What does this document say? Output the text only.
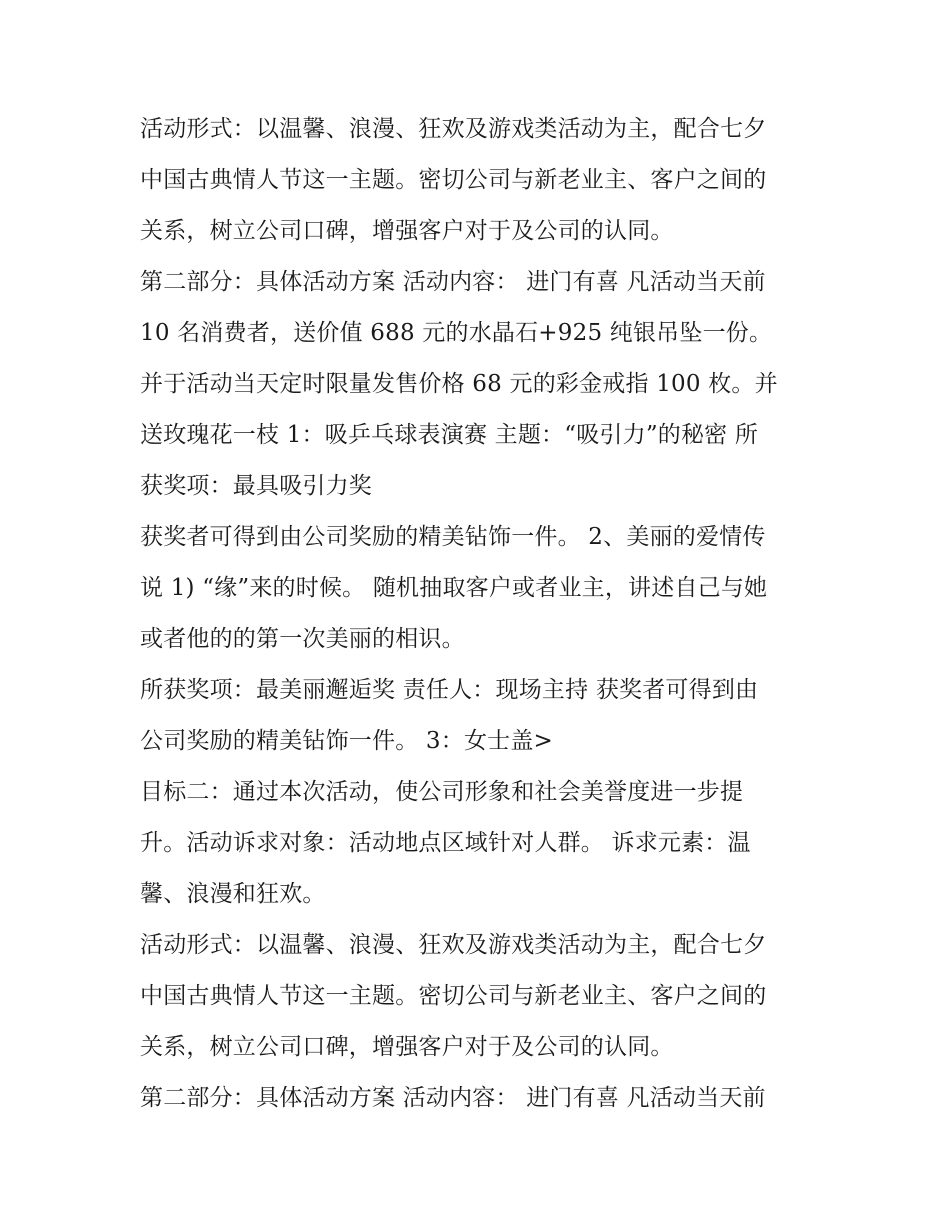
活动形式：以温馨、浪漫、狂欢及游戏类活动为主，配合七夕
中国古典情人节这一主题。密切公司与新老业主、客户之间的
关系，树立公司口碑，增强客户对于及公司的认同。
第二部分：具体活动方案 活动内容： 进门有喜 凡活动当天前
10 名消费者，送价值 688 元的水晶石+925 纯银吊坠一份。
并于活动当天定时限量发售价格 68 元的彩金戒指 100 枚。并
送玫瑰花一枝 1：吸乒乓球表演赛 主题：“吸引力”的秘密 所
获奖项：最具吸引力奖
获奖者可得到由公司奖励的精美钻饰一件。 2、美丽的爱情传
说 1) “缘”来的时候。 随机抽取客户或者业主，讲述自己与她
或者他的的第一次美丽的相识。
所获奖项：最美丽邂逅奖 责任人：现场主持 获奖者可得到由
公司奖励的精美钻饰一件。 3：女士盖>
目标二：通过本次活动，使公司形象和社会美誉度进一步提
升。活动诉求对象：活动地点区域针对人群。 诉求元素：温
馨、浪漫和狂欢。
活动形式：以温馨、浪漫、狂欢及游戏类活动为主，配合七夕
中国古典情人节这一主题。密切公司与新老业主、客户之间的
关系，树立公司口碑，增强客户对于及公司的认同。
第二部分：具体活动方案 活动内容： 进门有喜 凡活动当天前
